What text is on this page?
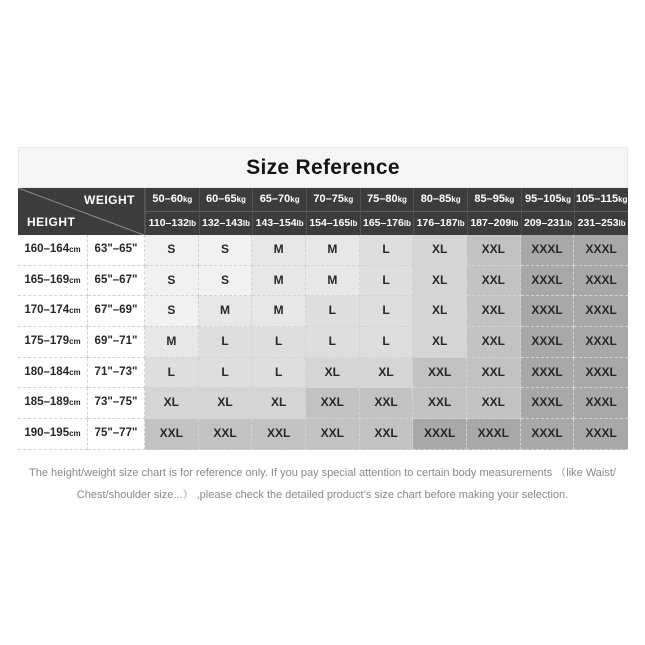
Size Reference
WEIGHT
HEIGHT
50–60kg	60–65kg	65–70kg	70–75kg	75–80kg	80–85kg	85–95kg 95–105kg 105–115kg
110–132lb 132–143lb 143–154lb 154–165lb 165–176lb 176–187lb 187–209lb 209–231lb 231–253lb
160–164cm	63"–65"	S	S	M	M	L	XL	XXL	XXXL	XXXL
165–169cm	65"–67"	S	S	M	M	L	XL	XXL	XXXL	XXXL
170–174cm	67"–69"	S	M	M	L	L	XL	XXL	XXXL	XXXL
175–179cm	69"–71"	M	L	L	L	L	XL	XXL	XXXL	XXXL
180–184cm	71"–73"	L	L	L	XL	XL	XXL	XXL	XXXL	XXXL
185–189cm	73"–75"	XL	XL	XL	XXL	XXL	XXL	XXL	XXXL	XXXL
190–195cm	75"–77"	XXL	XXL	XXL	XXL	XXL	XXXL	XXXL	XXXL	XXXL
The height/weight size chart is for reference only. If you pay special attention to certain body measurements （like Waist/
Chest/shoulder size...） ,please check the detailed product’s size chart before making your selection.
